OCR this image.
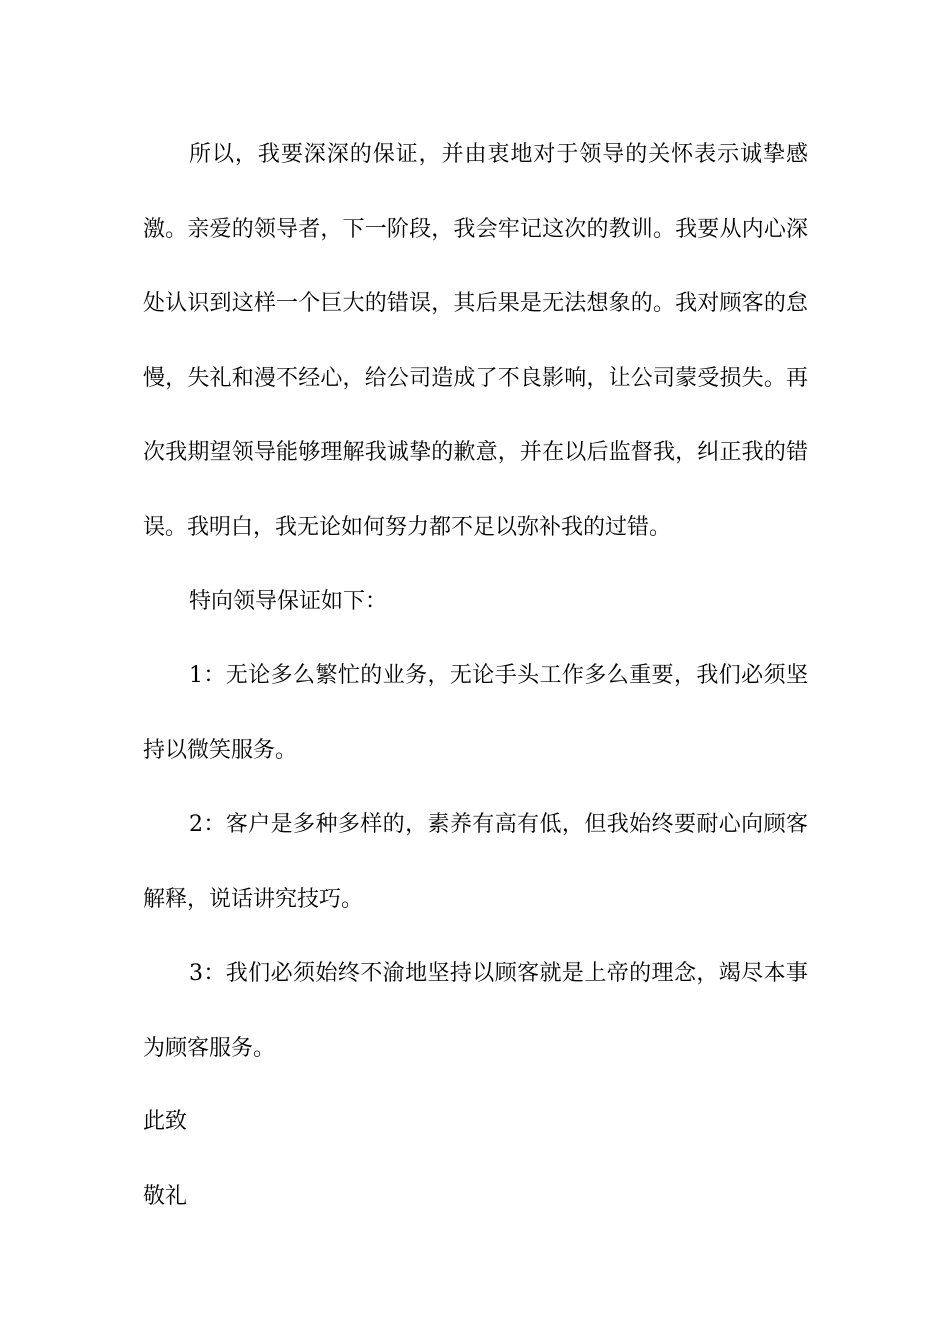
所以，我要深深的保证，并由衷地对于领导的关怀表示诚挚感激。亲爱的领导者，下一阶段，我会牢记这次的教训。我要从内心深处认识到这样一个巨大的错误，其后果是无法想象的。我对顾客的怠慢，失礼和漫不经心，给公司造成了不良影响，让公司蒙受损失。再次我期望领导能够理解我诚挚的歉意，并在以后监督我，纠正我的错误。我明白，我无论如何努力都不足以弥补我的过错。

特向领导保证如下：

1：无论多么繁忙的业务，无论手头工作多么重要，我们必须坚持以微笑服务。

2：客户是多种多样的，素养有高有低，但我始终要耐心向顾客解释，说话讲究技巧。

3：我们必须始终不渝地坚持以顾客就是上帝的理念，竭尽本事为顾客服务。

此致

敬礼
